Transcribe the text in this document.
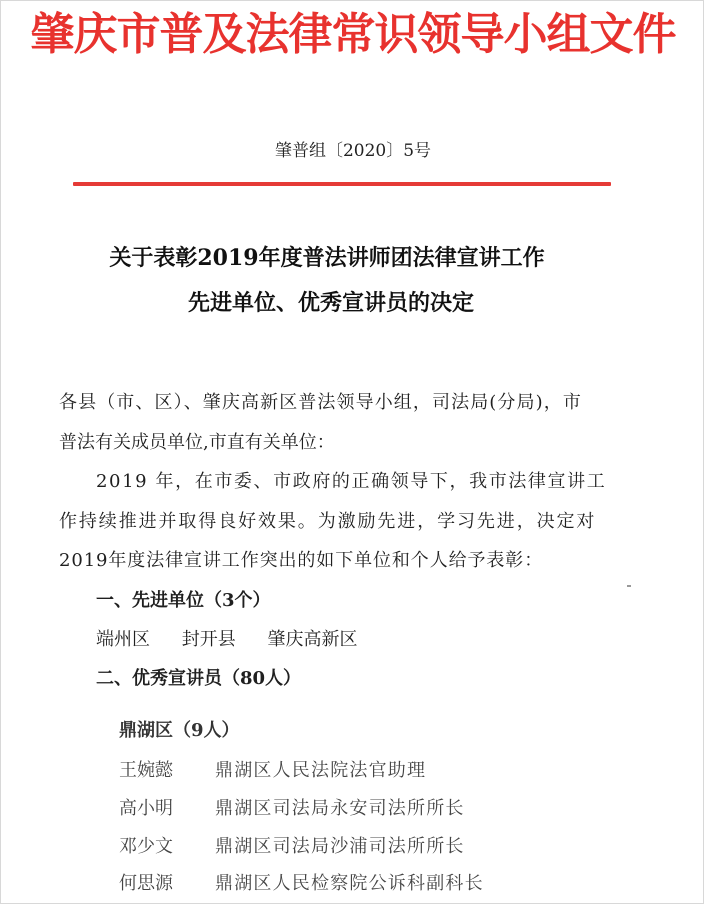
肇庆市普及法律常识领导小组文件
肇普组〔2020〕5号
关于表彰2019年度普法讲师团法律宣讲工作
先进单位、优秀宣讲员的决定
各县（市、区）、肇庆高新区普法领导小组，司法局(分局)，市
普法有关成员单位,市直有关单位：
2019 年，在市委、市政府的正确领导下，我市法律宣讲工
作持续推进并取得良好效果。为激励先进，学习先进，决定对
2019年度法律宣讲工作突出的如下单位和个人给予表彰：
一、先进单位（3个）
端州区 封开县 肇庆高新区
二、优秀宣讲员（80人）
鼎湖区（9人）
王婉懿 鼎湖区人民法院法官助理
高小明 鼎湖区司法局永安司法所所长
邓少文 鼎湖区司法局沙浦司法所所长
何思源 鼎湖区人民检察院公诉科副科长
